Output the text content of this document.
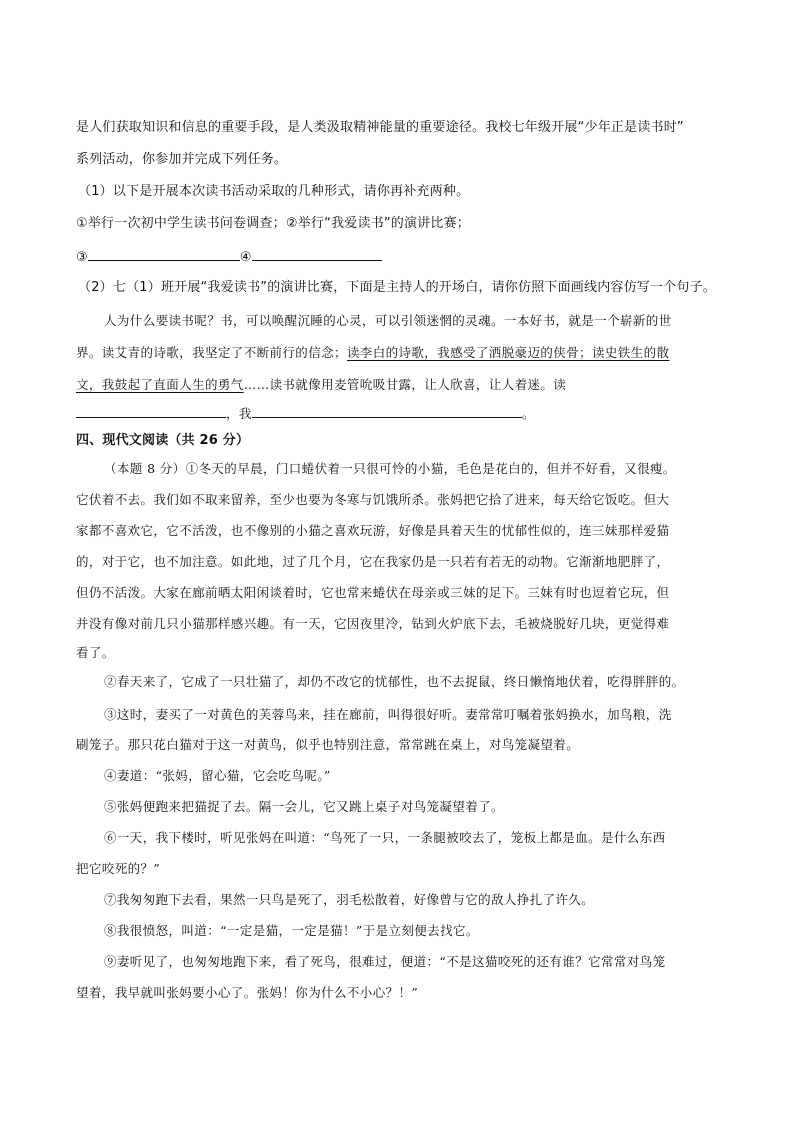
是人们获取知识和信息的重要手段，是人类汲取精神能量的重要途径。我校七年级开展“少年正是读书时”
系列活动，你参加并完成下列任务。
（1）以下是开展本次读书活动采取的几种形式，请你再补充两种。
①举行一次初中学生读书问卷调查；②举行“我爱读书”的演讲比赛；
③	④
（2）七（1）班开展“我爱读书”的演讲比赛，下面是主持人的开场白，请你仿照下面画线内容仿写一个句子。
人为什么要读书呢？书，可以唤醒沉睡的心灵，可以引领迷惘的灵魂。一本好书，就是一个崭新的世
界。读艾青的诗歌，我坚定了不断前行的信念；读李白的诗歌，我感受了洒脱豪迈的侠骨；读史铁生的散
文，我鼓起了直面人生的勇气……读书就像用麦管吮吸甘露，让人欣喜，让人着迷。读
，我	。
四、现代文阅读（共 26 分）
（本题 8 分）①冬天的早晨，门口蜷伏着一只很可怜的小猫，毛色是花白的，但并不好看，又很瘦。
它伏着不去。我们如不取来留养，至少也要为冬寒与饥饿所杀。张妈把它拾了进来，每天给它饭吃。但大
家都不喜欢它，它不活泼，也不像别的小猫之喜欢玩游，好像是具着天生的忧郁性似的，连三妹那样爱猫
的，对于它，也不加注意。如此地，过了几个月，它在我家仍是一只若有若无的动物。它渐渐地肥胖了，
但仍不活泼。大家在廊前晒太阳闲谈着时，它也常来蜷伏在母亲或三妹的足下。三妹有时也逗着它玩，但
并没有像对前几只小猫那样感兴趣。有一天，它因夜里冷，钻到火炉底下去，毛被烧脱好几块，更觉得难
看了。
②春天来了，它成了一只壮猫了，却仍不改它的忧郁性，也不去捉鼠，终日懒惰地伏着，吃得胖胖的。
③这时，妻买了一对黄色的芙蓉鸟来，挂在廊前，叫得很好听。妻常常叮嘱着张妈换水，加鸟粮，洗
刷笼子。那只花白猫对于这一对黄鸟，似乎也特别注意，常常跳在桌上，对鸟笼凝望着。
④妻道：“张妈，留心猫，它会吃鸟呢。”
⑤张妈便跑来把猫捉了去。隔一会儿，它又跳上桌子对鸟笼凝望着了。
⑥一天，我下楼时，听见张妈在叫道：“鸟死了一只，一条腿被咬去了，笼板上都是血。是什么东西
把它咬死的？”
⑦我匆匆跑下去看，果然一只鸟是死了，羽毛松散着，好像曾与它的敌人挣扎了许久。
⑧我很愤怒，叫道：“一定是猫，一定是猫！”于是立刻便去找它。
⑨妻听见了，也匆匆地跑下来，看了死鸟，很难过，便道：“不是这猫咬死的还有谁？它常常对鸟笼
望着，我早就叫张妈要小心了。张妈！你为什么不小心？！”
